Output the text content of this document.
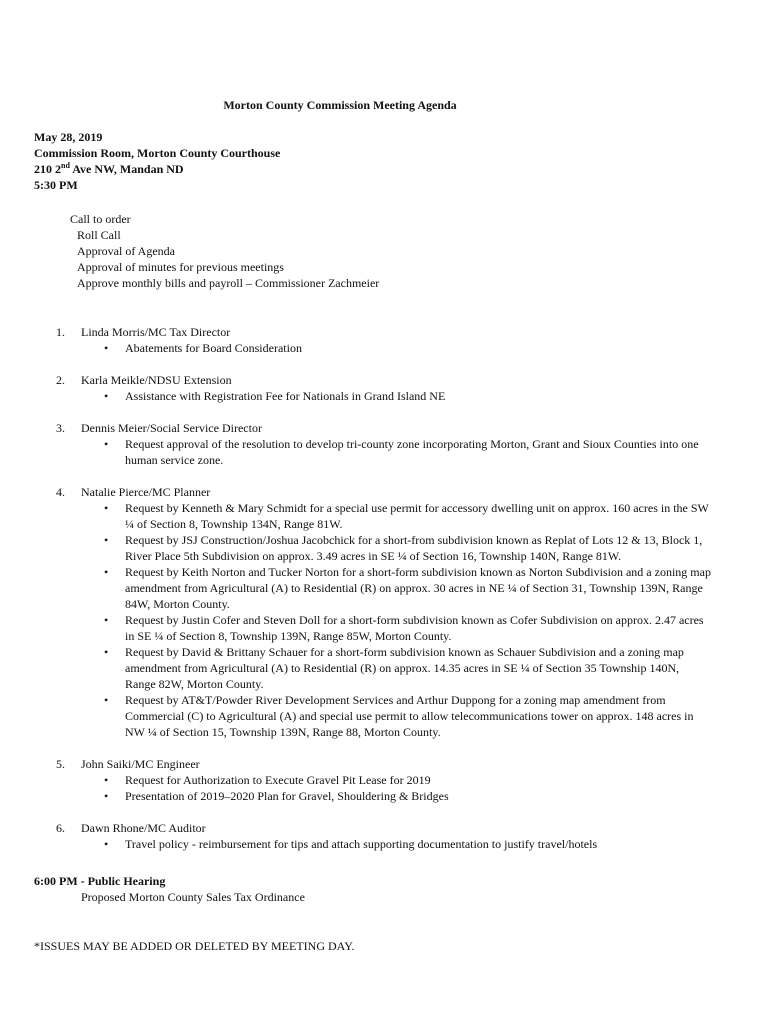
Morton County Commission Meeting Agenda
May 28, 2019
Commission Room, Morton County Courthouse
210 2nd Ave NW, Mandan ND
5:30 PM
Call to order
Roll Call
Approval of Agenda
Approval of minutes for previous meetings
Approve monthly bills and payroll – Commissioner Zachmeier
1.	Linda Morris/MC Tax Director
• Abatements for Board Consideration
2.	Karla Meikle/NDSU Extension
• Assistance with Registration Fee for Nationals in Grand Island NE
3.	Dennis Meier/Social Service Director
• Request approval of the resolution to develop tri-county zone incorporating Morton, Grant and Sioux Counties into one human service zone.
4.	Natalie Pierce/MC Planner
• Request by Kenneth & Mary Schmidt for a special use permit for accessory dwelling unit on approx. 160 acres in the SW ¼ of Section 8, Township 134N, Range 81W.
• Request by JSJ Construction/Joshua Jacobchick for a short-from subdivision known as Replat of Lots 12 & 13, Block 1, River Place 5th Subdivision on approx. 3.49 acres in SE ¼ of Section 16, Township 140N, Range 81W.
• Request by Keith Norton and Tucker Norton for a short-form subdivision known as Norton Subdivision and a zoning map amendment from Agricultural (A) to Residential (R) on approx. 30 acres in NE ¼ of Section 31, Township 139N, Range 84W, Morton County.
• Request by Justin Cofer and Steven Doll for a short-form subdivision known as Cofer Subdivision on approx. 2.47 acres in SE ¼ of Section 8, Township 139N, Range 85W, Morton County.
• Request by David & Brittany Schauer for a short-form subdivision known as Schauer Subdivision and a zoning map amendment from Agricultural (A) to Residential (R) on approx. 14.35 acres in SE ¼ of Section 35 Township 140N, Range 82W, Morton County.
• Request by AT&T/Powder River Development Services and Arthur Duppong for a zoning map amendment from Commercial (C) to Agricultural (A) and special use permit to allow telecommunications tower on approx. 148 acres in NW ¼ of Section 15, Township 139N, Range 88, Morton County.
5.	John Saiki/MC Engineer
• Request for Authorization to Execute Gravel Pit Lease for 2019
• Presentation of 2019–2020 Plan for Gravel, Shouldering & Bridges
6.	Dawn Rhone/MC Auditor
• Travel policy - reimbursement for tips and attach supporting documentation to justify travel/hotels
6:00 PM - Public Hearing
Proposed Morton County Sales Tax Ordinance
*ISSUES MAY BE ADDED OR DELETED BY MEETING DAY.
